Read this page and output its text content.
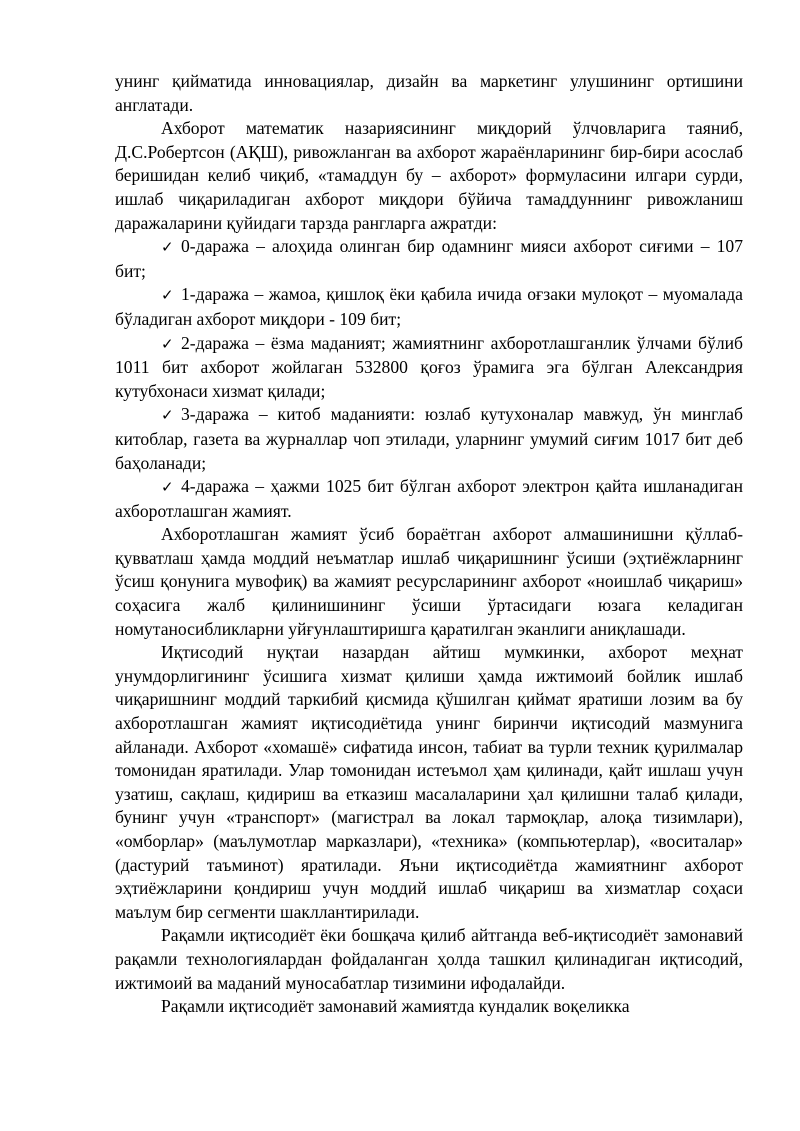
унинг қийматида инновациялар, дизайн ва маркетинг улушининг ортишини англатади.

Ахборот математик назариясининг миқдорий ўлчовларига таяниб, Д.С.Робертсон (АҚШ), ривожланган ва ахборот жараёнларининг бир-бири асослаб беришидан келиб чиқиб, «тамаддун бу – ахборот» формуласини илгари сурди, ишлаб чиқариладиган ахборот миқдори бўйича тамаддуннинг ривожланиш даражаларини қуйидаги тарзда рангларга ажратди:

✓ 0-даража – алоҳида олинган бир одамнинг мияси ахборот сиғими – 107 бит;

✓ 1-даража – жамоа, қишлоқ ёки қабила ичида оғзаки мулоқот – муомалада бўладиган ахборот миқдори - 109 бит;

✓ 2-даража – ёзма маданият; жамиятнинг ахборотлашганлик ўлчами бўлиб 1011 бит ахборот жойлаган 532800 қоғоз ўрамига эга бўлган Александрия кутубхонаси хизмат қилади;

✓ 3-даража – китоб маданияти: юзлаб кутухоналар мавжуд, ўн минглаб китоблар, газета ва журналлар чоп этилади, уларнинг умумий сиғим 1017 бит деб баҳоланади;

✓ 4-даража – ҳажми 1025 бит бўлган ахборот электрон қайта ишланадиган ахборотлашган жамият.

Ахборотлашган жамият ўсиб бораётган ахборот алмашинишни қўллаб-қувватлаш ҳамда моддий неъматлар ишлаб чиқаришнинг ўсиши (эҳтиёжларнинг ўсиш қонунига мувофиқ) ва жамият ресурсларининг ахборот «ноишлаб чиқариш» соҳасига жалб қилинишининг ўсиши ўртасидаги юзага келадиган номутаносибликларни уйғунлаштиришга қаратилган эканлиги аниқлашади.

Иқтисодий нуқтаи назардан айтиш мумкинки, ахборот меҳнат унумдорлигининг ўсишига хизмат қилиши ҳамда ижтимоий бойлик ишлаб чиқаришнинг моддий таркибий қисмида қўшилган қиймат яратиши лозим ва бу ахборотлашган жамият иқтисодиётида унинг биринчи иқтисодий мазмунига айланади. Ахборот «хомашё» сифатида инсон, табиат ва турли техник қурилмалар томонидан яратилади. Улар томонидан истеъмол ҳам қилинади, қайт ишлаш учун узатиш, сақлаш, қидириш ва етказиш масалаларини ҳал қилишни талаб қилади, бунинг учун «транспорт» (магистрал ва локал тармоқлар, алоқа тизимлари), «омборлар» (маълумотлар марказлари), «техника» (компьютерлар), «воситалар» (дастурий таъминот) яратилади. Яъни иқтисодиётда жамиятнинг ахборот эҳтиёжларини қондириш учун моддий ишлаб чиқариш ва хизматлар соҳаси маълум бир сегменти шакллантирилади.

Рақамли иқтисодиёт ёки бошқача қилиб айтганда веб-иқтисодиёт замонавий рақамли технологиялардан фойдаланган ҳолда ташкил қилинадиган иқтисодий, ижтимоий ва маданий муносабатлар тизимини ифодалайди.

Рақамли иқтисодиёт замонавий жамиятда кундалик воқеликка
